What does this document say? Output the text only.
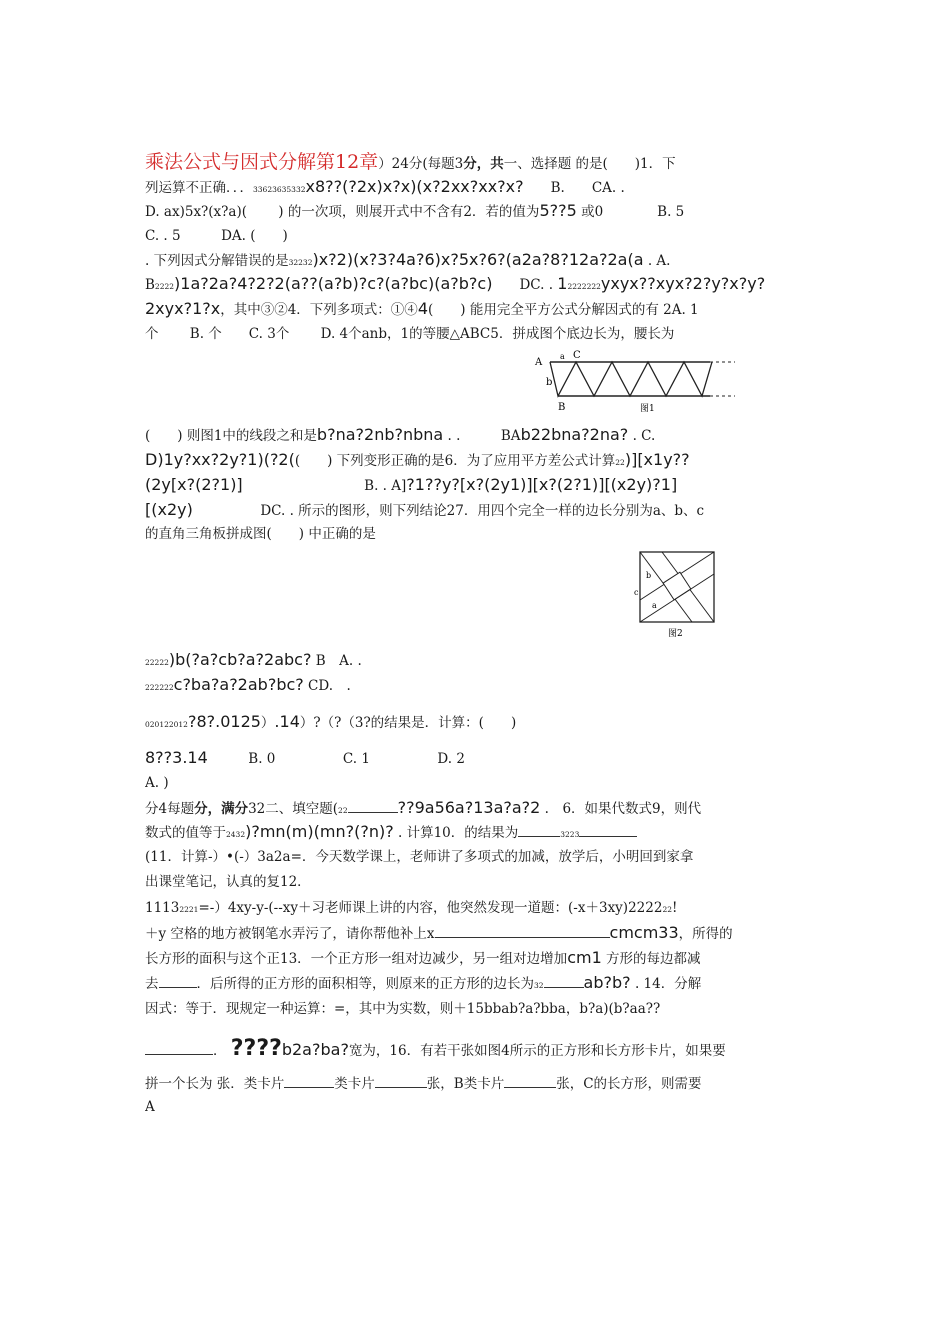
乘法公式与因式分解第12章）24分(每题3分，共一、选择题 的是(　　)1．下
列运算不正确．．．33623635332x8??(?2x)x?x)(x?2xx?xx?x?　　B.　　CA. .
D. ax)5x?(x?a)(　 　) 的一次项，则展开式中不含有2．若的值为5??5 或0　　　　B. 5
C. . 5　　　DA. (　　)
. 下列因式分解错误的是32232)x?2)(x?3?4a?6)x?5x?6?(a2a?8?12a?2a(a . A.
B2222)1a?2a?4?2?2(a??(a?b)?c?(a?bc)(a?b?c)　　DC. . 12222222yxyx??xyx?2?y?x?y?
2xyx?1?x，其中③②4．下列多项式：①④4(　　) 能用完全平方公式分解因式的有 2A. 1
个　　 B. 个　　C. 3个　　 D. 4个anb，1的等腰△ABC5．拼成图个底边长为，腰长为
A
a C
b
B	图1
(　　) 则图1中的线段之和是b?na?2nb?nbna . .　　　BAb22bna?2na? . C.
D)1y?xx?2y?1)(?2((　　) 下列变形正确的是6．为了应用平方差公式计算22)][x1y??
(2y[x?(2?1)]　　　　　　　　　B. . A]?1??y?[x?(2y1)][x?(2?1)][(x2y)?1]
[(x2y)　　　　　DC. . 所示的图形，则下列结论27．用四个完全一样的边长分别为a、b、c
的直角三角板拼成图(　　) 中正确的是
b
c
a
图2
22222)b(?a?cb?a?2abc? B　A. .
222222c?ba?a?2ab?bc? CD.　.
020122012?8?.0125）.14）?（?（3?的结果是．计算：(　　)
8??3.14　　　B. 0　　　　　C. 1　　　　　D. 2
A. )
分4每题分，满分32二、填空题(22	??9a56a?13a?a?2 .　6．如果代数式9，则代
数式的值等于2432)?mn(m)(mn?(?n)? . 计算10．的结果为	3223
(11．计算-）•(-）3a2a=．今天数学课上，老师讲了多项式的加减，放学后，小明回到家拿
出课堂笔记，认真的复12．
11132221=-）4xy-y-(--xy＋习老师课上讲的内容，他突然发现一道题：(-x＋3xy)222222!
＋y 空格的地方被钢笔水弄污了，请你帮他补上x	cmcm33，所得的
长方形的面积与这个正13．一个正方形一组对边减少，另一组对边增加cm1 方形的每边都减
去	．后所得的正方形的面积相等，则原来的正方形的边长为32	ab?b? . 14．分解
因式：等于．现规定一种运算：=，其中为实数，则＋15bbab?a?bba，b?a)(b?aa??
． ????b2a?ba?宽为，16．有若干张如图4所示的正方形和长方形卡片，如果要
拼一个长为 张．类卡片	类卡片	张，B类卡片	张，C的长方形，则需要
A
